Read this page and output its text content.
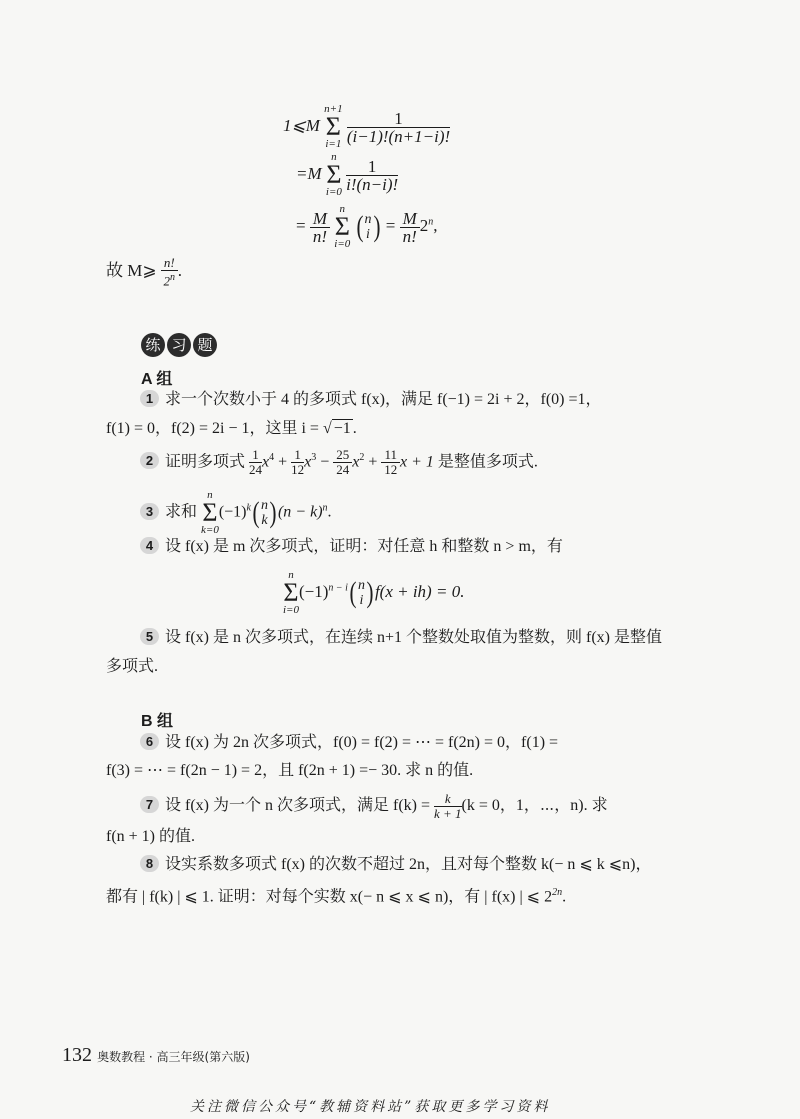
1⩽M n+1
Σ
$i=1 \frac{1}{(i-1)!(n+1-i)!}$
=M n
Σ
$i=0 \frac{1}{i!(n-i)!}$
= $\frac{M}{n!}$
n
Σ
i=0 ( n
i ) = $\frac{M}{n!} 2^n$,
故 M⩾ $\frac{n!}{2^n}$ .
练 习 题
A 组
1 求一个次数小于 4 的多项式 f(x)，满足 f(−1) = 2i + 2，f(0) =1，
f(1) = 0，f(2) = 2i − 1，这里 i = √ −1 .
2 证明多项式 $\frac{1}{24} x^4 + \frac{1}{12} x^3 - \frac{25}{24} x^2 + \frac{11}{12}$ x + 1 是整值多项式.
3 求和 n
Σ
$k=0(-1)^k$( n
k )$(n - k)^n$.
4 设 f(x) 是 m 次多项式，证明：对任意 h 和整数 n > m，有
n
Σ
$i=0(-1)^{n - i}$( n
i )f(x + ih) = 0.
5 设 f(x) 是 n 次多项式，在连续 n+1 个整数处取值为整数，则 f(x) 是整值
多项式.
B 组
6 设 f(x) 为 2n 次多项式，f(0) = f(2) = ⋯ = f(2n) = 0，f(1) =
f(3) = ⋯ = f(2n − 1) = 2，且 f(2n + 1) =− 30. 求 n 的值.
7 设 f(x) 为一个 n 次多项式，满足 $f(k) = \frac{k}{k + 1} (k = 0$，1，⋯，n). 求
f(n + 1) 的值.
8 设实系数多项式 f(x) 的次数不超过 2n，且对每个整数 k(− n ⩽ k ⩽n)，
都有 | f(k) | ⩽ 1. 证明：对每个实数 x(− n ⩽ x ⩽ n)，有 | f(x) | ⩽ $2^{2n}$.
132 奥数教程 · 高三年级(第六版)
关注微信公众号“教辅资料站”获取更多学习资料
